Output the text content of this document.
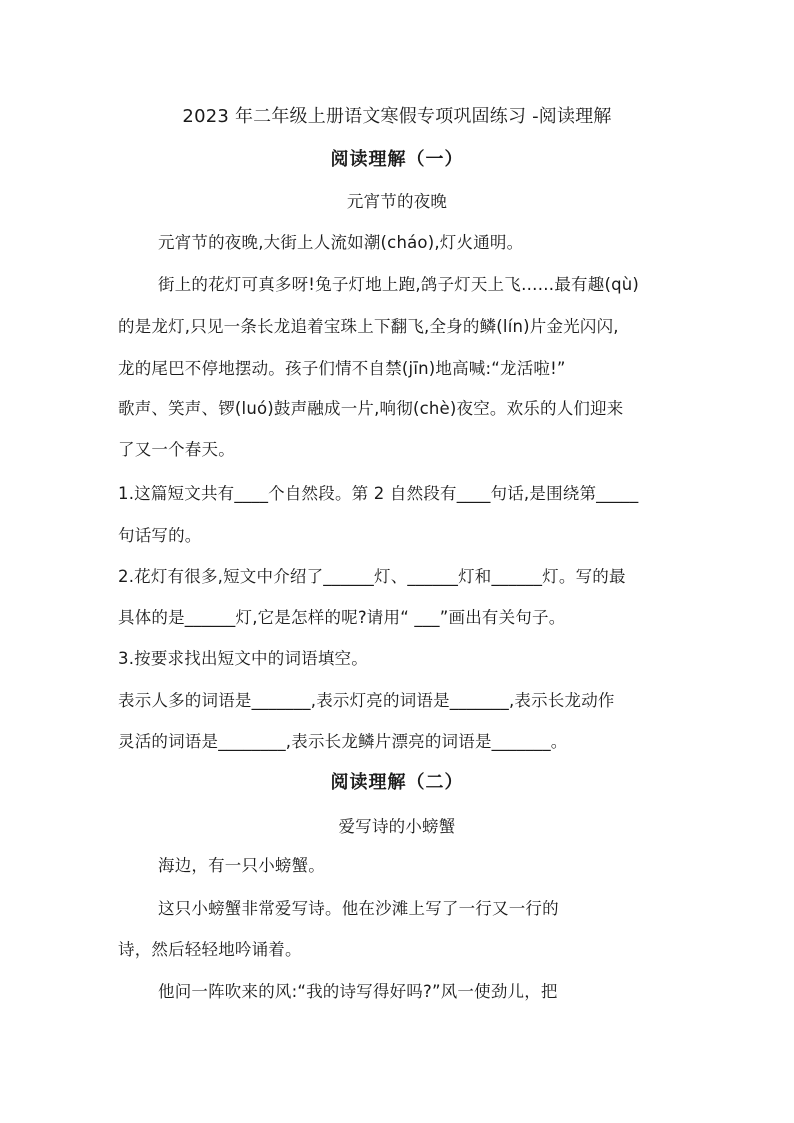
2023 年二年级上册语文寒假专项巩固练习 -阅读理解
阅读理解（一）
元宵节的夜晚
元宵节的夜晚,大街上人流如潮(cháo),灯火通明。
街上的花灯可真多呀!兔子灯地上跑,鸽子灯天上飞……最有趣(qù)
的是龙灯,只见一条长龙追着宝珠上下翻飞,全身的鳞(lín)片金光闪闪,
龙的尾巴不停地摆动。孩子们情不自禁(jīn)地高喊:“龙活啦!”
歌声、笑声、锣(luó)鼓声融成一片,响彻(chè)夜空。欢乐的人们迎来
了又一个春天。
1.这篇短文共有____个自然段。第 2 自然段有____句话,是围绕第_____
句话写的。
2.花灯有很多,短文中介绍了______灯、______灯和______灯。写的最
具体的是______灯,它是怎样的呢?请用“ ___”画出有关句子。
3.按要求找出短文中的词语填空。
表示人多的词语是_______,表示灯亮的词语是_______,表示长龙动作
灵活的词语是________,表示长龙鳞片漂亮的词语是_______。
阅读理解（二）
爱写诗的小螃蟹
海边，有一只小螃蟹。
这只小螃蟹非常爱写诗。他在沙滩上写了一行又一行的
诗，然后轻轻地吟诵着。
他问一阵吹来的风:“我的诗写得好吗?”风一使劲儿，把
